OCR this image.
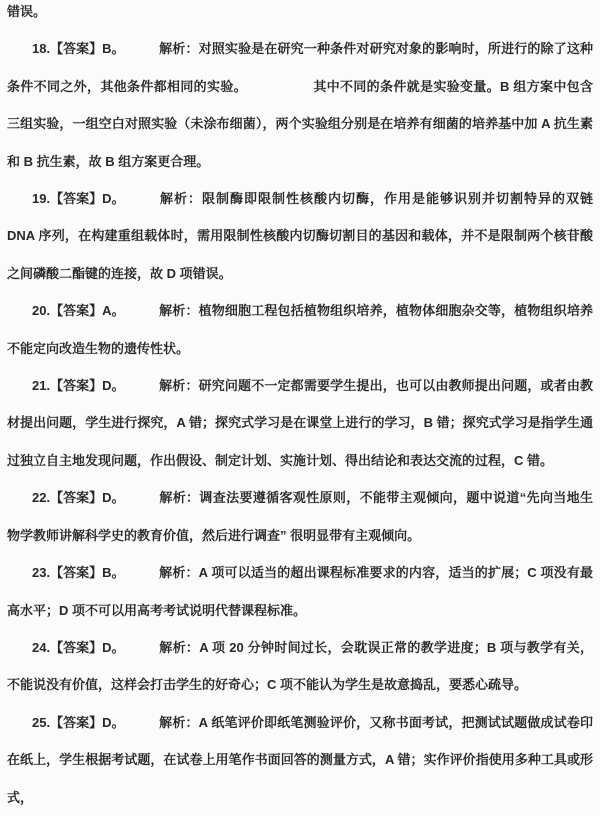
错误。

18.【答案】B。	解析：对照实验是在研究一种条件对研究对象的影响时，所进行的除了这种条件不同之外，其他条件都相同的实验。	其中不同的条件就是实验变量。B 组方案中包含三组实验，一组空白对照实验（未涂布细菌），两个实验组分别是在培养有细菌的培养基中加 A 抗生素和 B 抗生素，故 B 组方案更合理。

19.【答案】D。	解析：限制酶即限制性核酸内切酶，作用是能够识别并切割特异的双链 DNA 序列，在构建重组载体时，需用限制性核酸内切酶切割目的基因和载体，并不是限制两个核苷酸之间磷酸二酯键的连接，故 D 项错误。

20.【答案】A。	解析：植物细胞工程包括植物组织培养，植物体细胞杂交等，植物组织培养不能定向改造生物的遗传性状。

21.【答案】D。	解析：研究问题不一定都需要学生提出，也可以由教师提出问题，或者由教材提出问题，学生进行探究，A 错；探究式学习是在课堂上进行的学习，B 错；探究式学习是指学生通过独立自主地发现问题，作出假设、制定计划、实施计划、得出结论和表达交流的过程，C 错。

22.【答案】D。	解析：调查法要遵循客观性原则，不能带主观倾向，题中说道“先向当地生物学教师讲解科学史的教育价值，然后进行调查” 很明显带有主观倾向。

23.【答案】B。	解析：A 项可以适当的超出课程标准要求的内容，适当的扩展；C 项没有最高水平；D 项不可以用高考考试说明代替课程标准。

24.【答案】D。	解析：A 项 20 分钟时间过长，会耽误正常的教学进度；B 项与教学有关，不能说没有价值，这样会打击学生的好奇心；C 项不能认为学生是故意捣乱，要悉心疏导。

25.【答案】D。	解析：A 纸笔评价即纸笔测验评价，又称书面考试，把测试试题做成试卷印在纸上，学生根据考试题，在试卷上用笔作书面回答的测量方式，A 错；实作评价指使用多种工具或形式，
